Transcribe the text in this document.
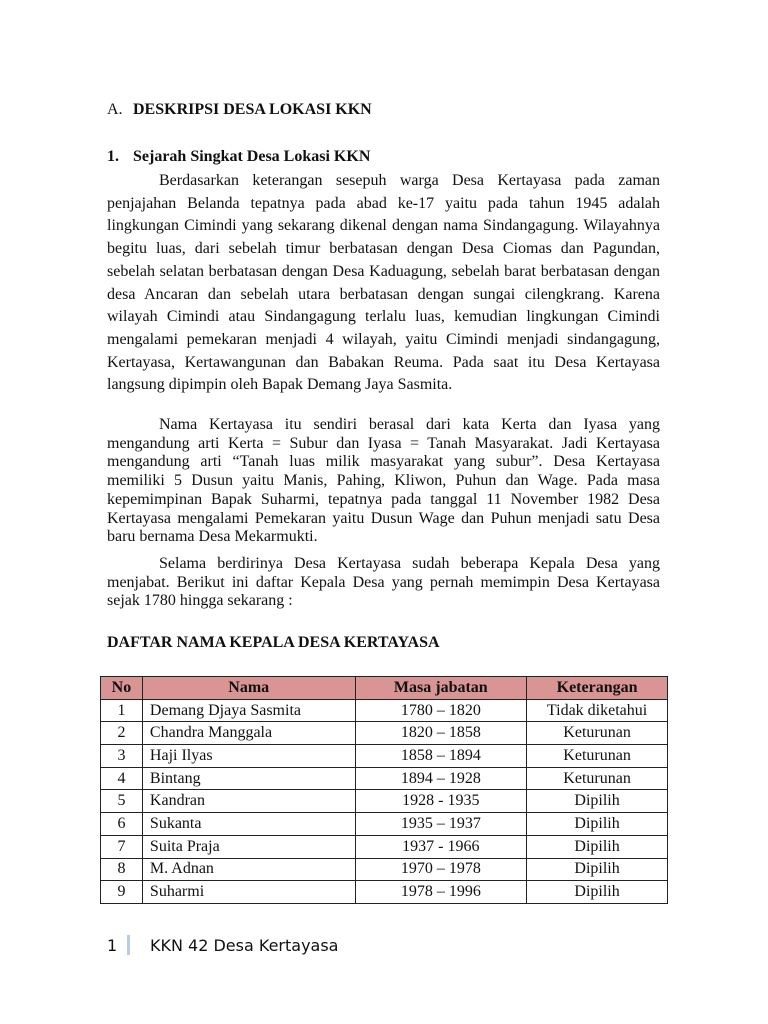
A. DESKRIPSI DESA LOKASI KKN
1. Sejarah Singkat Desa Lokasi KKN

Berdasarkan keterangan sesepuh warga Desa Kertayasa pada zaman penjajahan Belanda tepatnya pada abad ke-17 yaitu pada tahun 1945 adalah lingkungan Cimindi yang sekarang dikenal dengan nama Sindangagung. Wilayahnya begitu luas, dari sebelah timur berbatasan dengan Desa Ciomas dan Pagundan, sebelah selatan berbatasan dengan Desa Kaduagung, sebelah barat berbatasan dengan desa Ancaran dan sebelah utara berbatasan dengan sungai cilengkrang. Karena wilayah Cimindi atau Sindangagung terlalu luas, kemudian lingkungan Cimindi mengalami pemekaran menjadi 4 wilayah, yaitu Cimindi menjadi sindangagung, Kertayasa, Kertawangunan dan Babakan Reuma. Pada saat itu Desa Kertayasa langsung dipimpin oleh Bapak Demang Jaya Sasmita.

Nama Kertayasa itu sendiri berasal dari kata Kerta dan Iyasa yang mengandung arti Kerta = Subur dan Iyasa = Tanah Masyarakat. Jadi Kertayasa mengandung arti “Tanah luas milik masyarakat yang subur”. Desa Kertayasa memiliki 5 Dusun yaitu Manis, Pahing, Kliwon, Puhun dan Wage. Pada masa kepemimpinan Bapak Suharmi, tepatnya pada tanggal 11 November 1982 Desa Kertayasa mengalami Pemekaran yaitu Dusun Wage dan Puhun menjadi satu Desa baru bernama Desa Mekarmukti.

Selama berdirinya Desa Kertayasa sudah beberapa Kepala Desa yang menjabat. Berikut ini daftar Kepala Desa yang pernah memimpin Desa Kertayasa sejak 1780 hingga sekarang :

DAFTAR NAMA KEPALA DESA KERTAYASA
No	Nama	Masa jabatan	Keterangan
1	Demang Djaya Sasmita	1780 – 1820	Tidak diketahui
2	Chandra Manggala	1820 – 1858	Keturunan
3	Haji Ilyas	1858 – 1894	Keturunan
4	Bintang	1894 – 1928	Keturunan
5	Kandran	1928 - 1935	Dipilih
6	Sukanta	1935 – 1937	Dipilih
7	Suita Praja	1937 - 1966	Dipilih
8	M. Adnan	1970 – 1978	Dipilih
9	Suharmi	1978 – 1996	Dipilih
1	KKN 42 Desa Kertayasa
